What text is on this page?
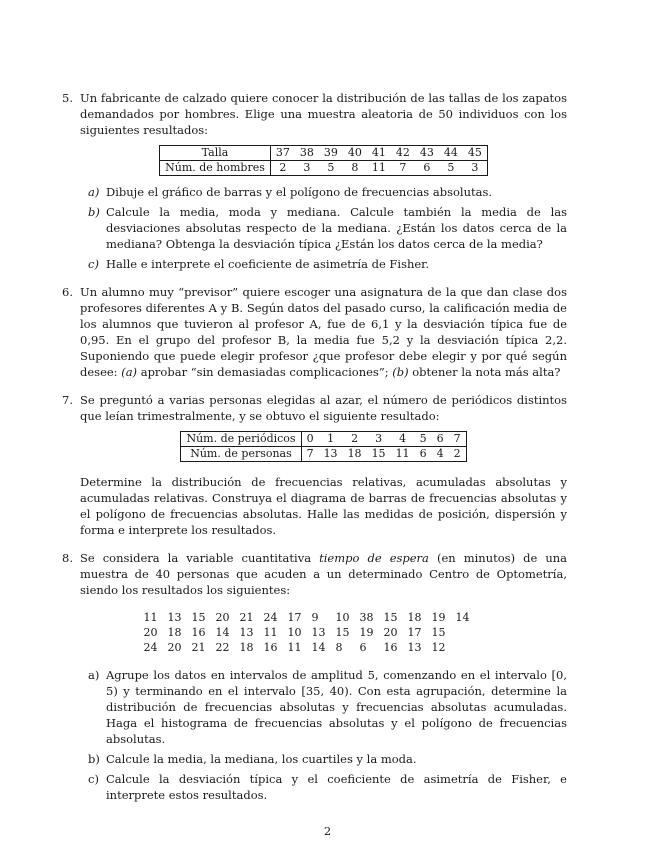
5. Un fabricante de calzado quiere conocer la distribución de las tallas de los zapatos demandados por hombres. Elige una muestra aleatoria de 50 individuos con los siguientes resultados:

Talla	37	38	39	40	41	42	43	44	45
Núm. de hombres	2	3	5	8	11	7	6	5	3
a) Dibuje el gráfico de barras y el polígono de frecuencias absolutas.
b) Calcule la media, moda y mediana. Calcule también la media de las desviaciones absolutas respecto de la mediana. ¿Están los datos cerca de la mediana? Obtenga la desviación típica ¿Están los datos cerca de la media?
c) Halle e interprete el coeficiente de asimetría de Fisher.
6. Un alumno muy “previsor” quiere escoger una asignatura de la que dan clase dos profesores diferentes A y B. Según datos del pasado curso, la calificación media de los alumnos que tuvieron al profesor A, fue de 6,1 y la desviación típica fue de 0,95. En el grupo del profesor B, la media fue 5,2 y la desviación típica 2,2. Suponiendo que puede elegir profesor ¿que profesor debe elegir y por qué según desee: (a) aprobar “sin demasiadas complicaciones”; (b) obtener la nota más alta?

7. Se preguntó a varias personas elegidas al azar, el número de periódicos distintos que leían trimestralmente, y se obtuvo el siguiente resultado:

Núm. de periódicos	0	1	2	3	4	5	6	7
Núm. de personas	7	13	18	15	11	6	4	2

Determine la distribución de frecuencias relativas, acumuladas absolutas y acumuladas relativas. Construya el diagrama de barras de frecuencias absolutas y el polígono de frecuencias absolutas. Halle las medidas de posición, dispersión y forma e interprete los resultados.

8. Se considera la variable cuantitativa tiempo de espera (en minutos) de una muestra de 40 personas que acuden a un determinado Centro de Optometría, siendo los resultados los siguientes:

11 13 15 20 21 24 17 9	10 38 15 18 19 14
20 18 16 14 13 11 10 13 15 19 20 17 15
24 20 21 22 18 16 11 14 8	6	16 13 12
a) Agrupe los datos en intervalos de amplitud 5, comenzando en el intervalo [0, 5) y terminando en el intervalo [35, 40). Con esta agrupación, determine la distribución de frecuencias absolutas y frecuencias absolutas acumuladas. Haga el histograma de frecuencias absolutas y el polígono de frecuencias absolutas.
b) Calcule la media, la mediana, los cuartiles y la moda.
c) Calcule la desviación típica y el coeficiente de asimetría de Fisher, e interprete estos resultados.
2
